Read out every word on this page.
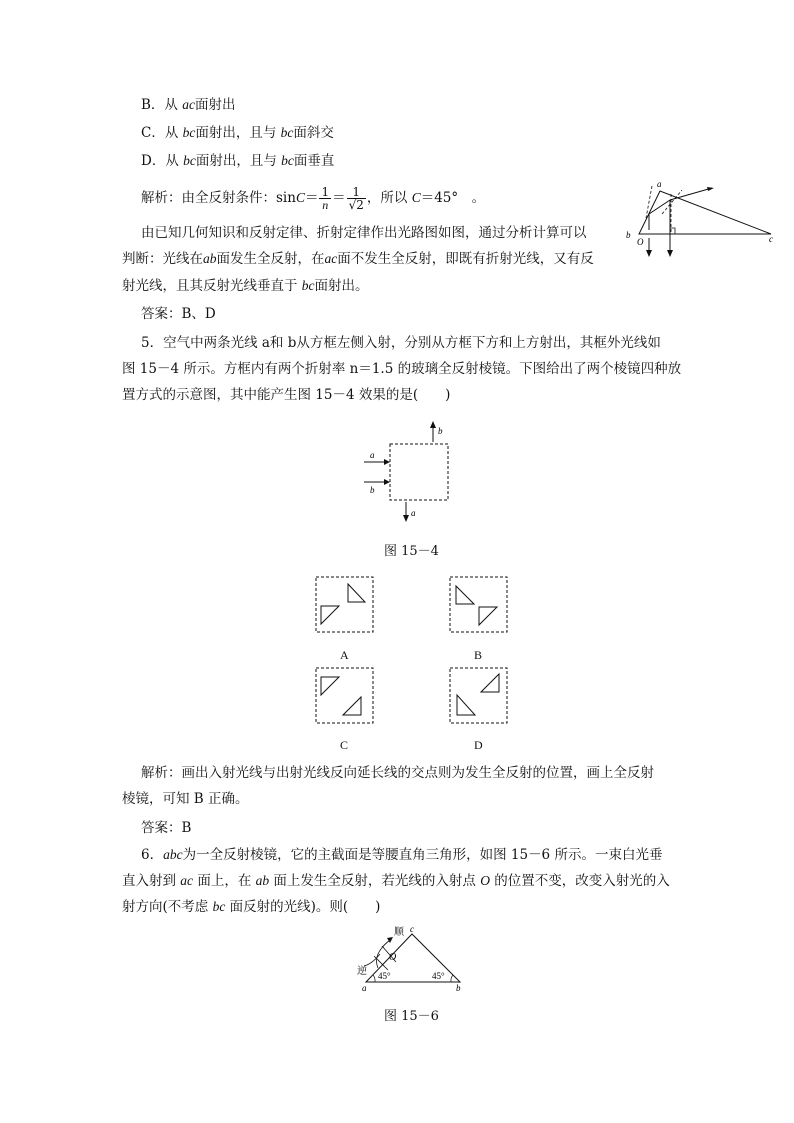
B．从 ac面射出
C．从 bc面射出，且与 bc面斜交
D．从 bc面射出，且与 bc面垂直
解析：由全反射条件：$\sin C= \frac{1}{n} = \frac{1}{√2}$ ，所以 C＝45°　。
由已知几何知识和反射定律、折射定律作出光路图如图，通过分析计算可以
判断：光线在ab面发生全反射，在ac面不发生全反射，即既有折射光线，又有反
射光线，且其反射光线垂直于 bc面射出。
a
b	c
O
答案：B、D
5．空气中两条光线 a和 b从方框左侧入射，分别从方框下方和上方射出，其框外光线如
图 15－4 所示。方框内有两个折射率 n＝1.5 的玻璃全反射棱镜。下图给出了两个棱镜四种放
置方式的示意图，其中能产生图 15－4 效果的是(　　)
a
b
b
a
图 15－4
A	B
C	D
解析：画出入射光线与出射光线反向延长线的交点则为发生全反射的位置，画上全反射
棱镜，可知 B 正确。
答案：B
6．abc为一全反射棱镜，它的主截面是等腰直角三角形，如图 15－6 所示。一束白光垂
直入射到 ac 面上，在 ab 面上发生全反射，若光线的入射点 O 的位置不变，改变入射光的入
射方向(不考虑 bc 面反射的光线)。则(　　)
顺
逆
O
a	b
c
45°	45°
图 15－6
